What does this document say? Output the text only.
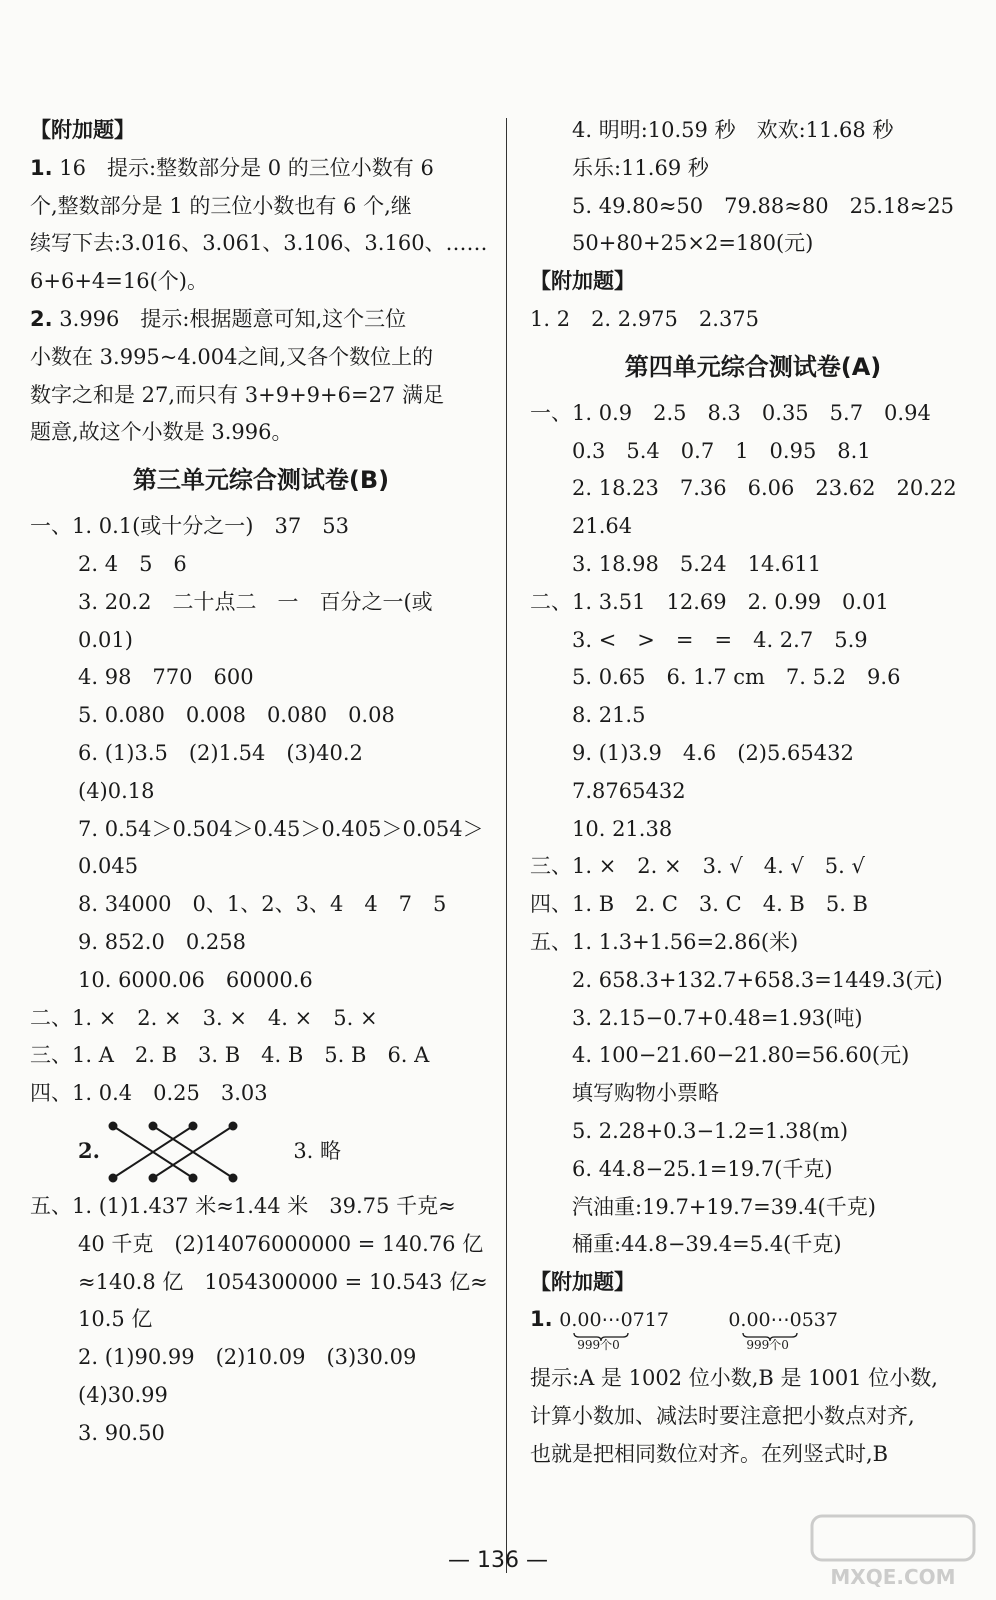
【附加题】
1. 16　提示:整数部分是 0 的三位小数有 6
个,整数部分是 1 的三位小数也有 6 个,继
续写下去:3.016、3.061、3.106、3.160、……
6+6+4=16(个)。
2. 3.996　提示:根据题意可知,这个三位
小数在 3.995~4.004之间,又各个数位上的
数字之和是 27,而只有 3+9+9+6=27 满足
题意,故这个小数是 3.996。
第三单元综合测试卷(B)
一、1. 0.1(或十分之一)　37　53
2. 4　5　6
3. 20.2　二十点二　一　百分之一(或
0.01)
4. 98　770　600
5. 0.080　0.008　0.080　0.08
6. (1)3.5　(2)1.54　(3)40.2
(4)0.18
7. 0.54＞0.504＞0.45＞0.405＞0.054＞
0.045
8. 34000　0、1、2、3、4　4　7　5
9. 852.0　0.258
10. 6000.06　60000.6
二、1. ×　2. ×　3. ×　4. ×　5. ×
三、1. A　2. B　3. B　4. B　5. B　6. A
四、1. 0.4　0.25　3.03
2.	3. 略
五、1. (1)1.437 米≈1.44 米　39.75 千克≈
40 千克　(2)14076000000 = 140.76 亿
≈140.8 亿　1054300000 = 10.543 亿≈
10.5 亿
2. (1)90.99　(2)10.09　(3)30.09
(4)30.99
3. 90.50
4. 明明:10.59 秒　欢欢:11.68 秒
乐乐:11.69 秒
5. 49.80≈50　79.88≈80　25.18≈25
50+80+25×2=180(元)
【附加题】
1. 2　2. 2.975　2.375
第四单元综合测试卷(A)
一、1. 0.9　2.5　8.3　0.35　5.7　0.94
0.3　5.4　0.7　1　0.95　8.1
2. 18.23　7.36　6.06　23.62　20.22
21.64
3. 18.98　5.24　14.611
二、1. 3.51　12.69　2. 0.99　0.01
3. <　>　=　=　4. 2.7　5.9
5. 0.65　6. 1.7 cm　7. 5.2　9.6
8. 21.5
9. (1)3.9　4.6　(2)5.65432
7.8765432
10. 21.38
三、1. ×　2. ×　3. √　4. √　5. √
四、1. B　2. C　3. C　4. B　5. B
五、1. 1.3+1.56=2.86(米)
2. 658.3+132.7+658.3=1449.3(元)
3. 2.15−0.7+0.48=1.93(吨)
4. 100−21.60−21.80=56.60(元)
填写购物小票略
5. 2.28+0.3−1.2=1.38(m)
6. 44.8−25.1=19.7(千克)
汽油重:19.7+19.7=39.4(千克)
桶重:44.8−39.4=5.4(千克)
【附加题】
1. 0.00⋯0717
999个0
0.00⋯0537
999个0
提示:A 是 1002 位小数,B 是 1001 位小数,
计算小数加、减法时要注意把小数点对齐,
也就是把相同数位对齐。在列竖式时,B
— 136 —
MXQE.COM
